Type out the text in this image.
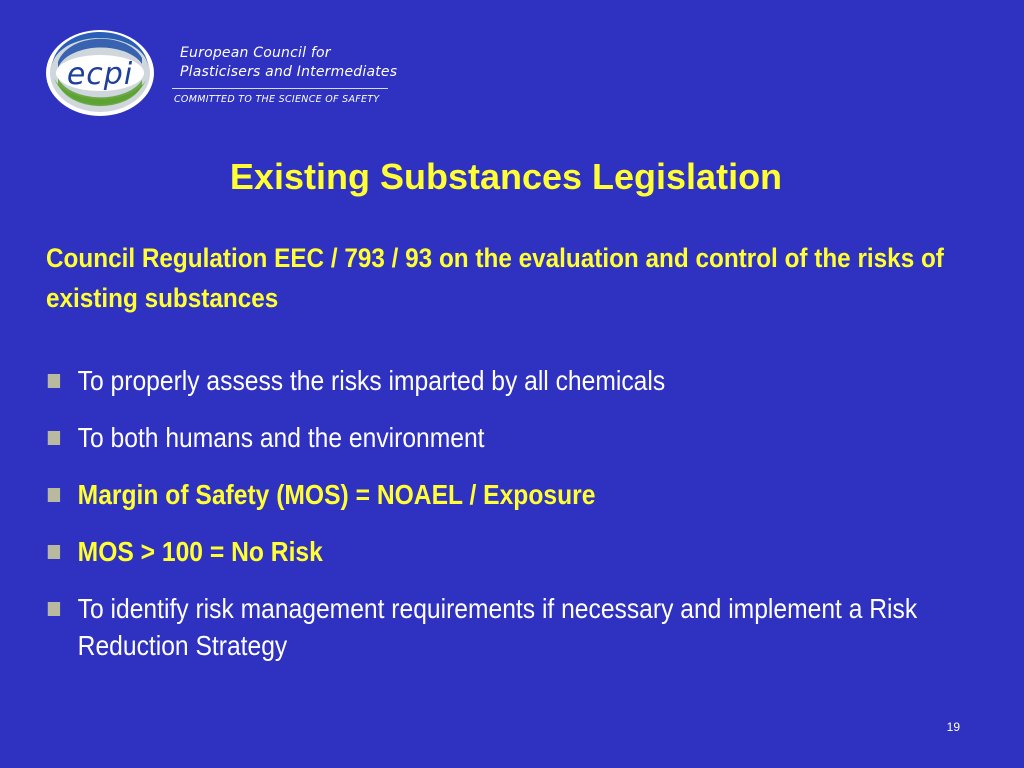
ecpi
European Council for
Plasticisers and Intermediates
COMMITTED TO THE SCIENCE OF SAFETY
Existing Substances Legislation
Council Regulation EEC / 793 / 93 on the evaluation and control of the risks of existing substances
To properly assess the risks imparted by all chemicals
To both humans and the environment
Margin of Safety (MOS) = NOAEL / Exposure
MOS > 100 = No Risk
To identify risk management requirements if necessary and implement a Risk Reduction Strategy
19
